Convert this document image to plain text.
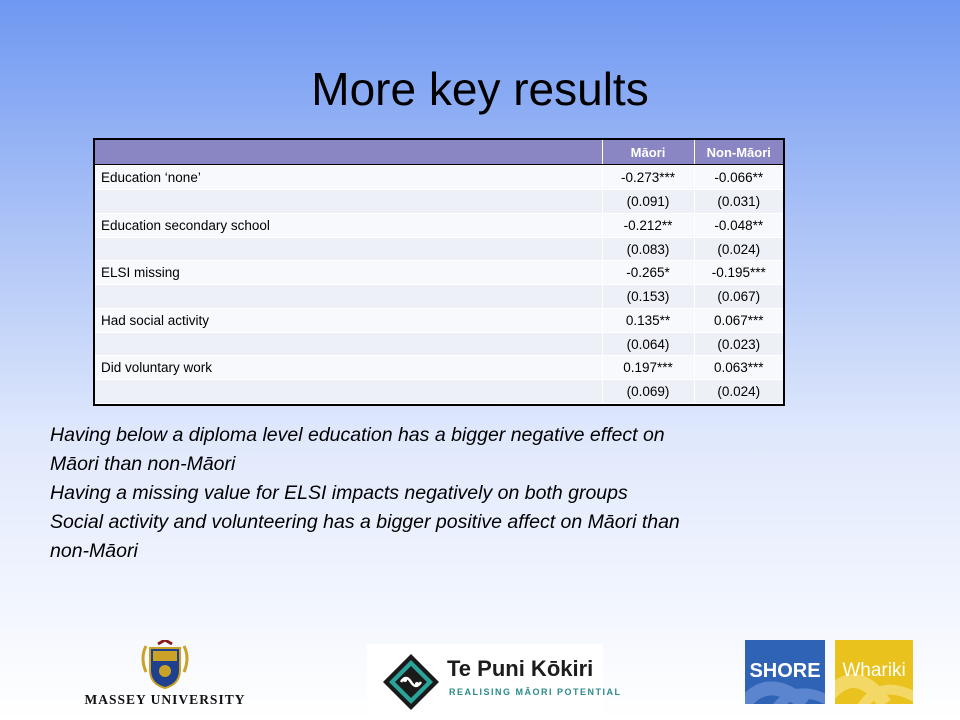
More key results
	Māori	Non-Māori

Education ‘none’	-0.273***	-0.066**
	(0.091)	(0.031)
Education secondary school	-0.212**	-0.048**
	(0.083)	(0.024)
ELSI missing	-0.265*	-0.195***
	(0.153)	(0.067)
Had social activity	0.135**	0.067***
	(0.064)	(0.023)
Did voluntary work	0.197***	0.063***
	(0.069)	(0.024)
Having below a diploma level education has a bigger negative effect on
Māori than non-Māori
Having a missing value for ELSI impacts negatively on both groups
Social activity and volunteering has a bigger positive affect on Māori than
non-Māori
MASSEY UNIVERSITY
Te Puni Kōkiri
REALISING MĀORI POTENTIAL
SHORE	Whariki
